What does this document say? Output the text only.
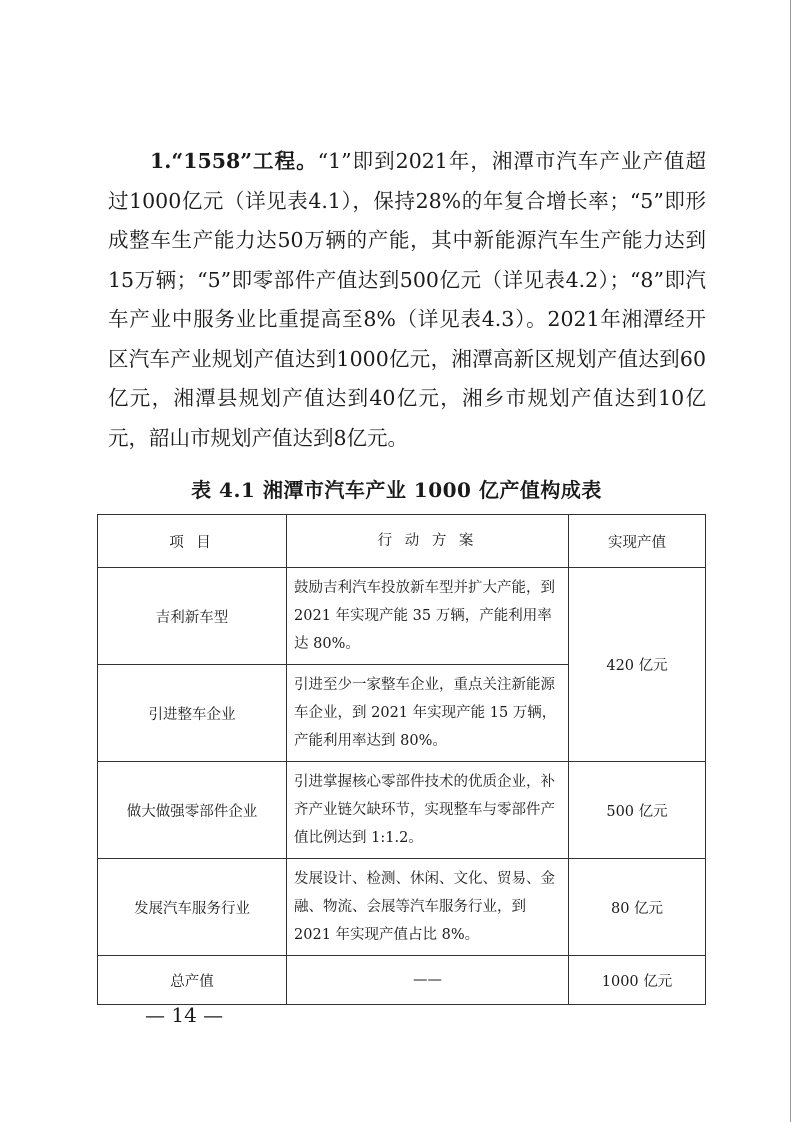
1.“1558”工程。“1”即到2021年，湘潭市汽车产业产值超过1000亿元（详见表4.1），保持28%的年复合增长率；“5”即形成整车生产能力达50万辆的产能，其中新能源汽车生产能力达到15万辆；“5”即零部件产值达到500亿元（详见表4.2）；“8”即汽车产业中服务业比重提高至8%（详见表4.3）。2021年湘潭经开区汽车产业规划产值达到1000亿元，湘潭高新区规划产值达到60亿元，湘潭县规划产值达到40亿元，湘乡市规划产值达到10亿元，韶山市规划产值达到8亿元。
表 4.1 湘潭市汽车产业 1000 亿产值构成表
项 目	行 动 方 案	实现产值
吉利新车型	鼓励吉利汽车投放新车型并扩大产能，到 2021 年实现产能 35 万辆，产能利用率达 80%。	420 亿元
引进整车企业	引进至少一家整车企业，重点关注新能源车企业，到 2021 年实现产能 15 万辆，产能利用率达到 80%。	
做大做强零部件企业	引进掌握核心零部件技术的优质企业，补齐产业链欠缺环节，实现整车与零部件产值比例达到 1:1.2。	500 亿元
发展汽车服务行业	发展设计、检测、休闲、文化、贸易、金融、物流、会展等汽车服务行业，到 2021 年实现产值占比 8%。	80 亿元
总产值	——	1000 亿元
— 14 —
